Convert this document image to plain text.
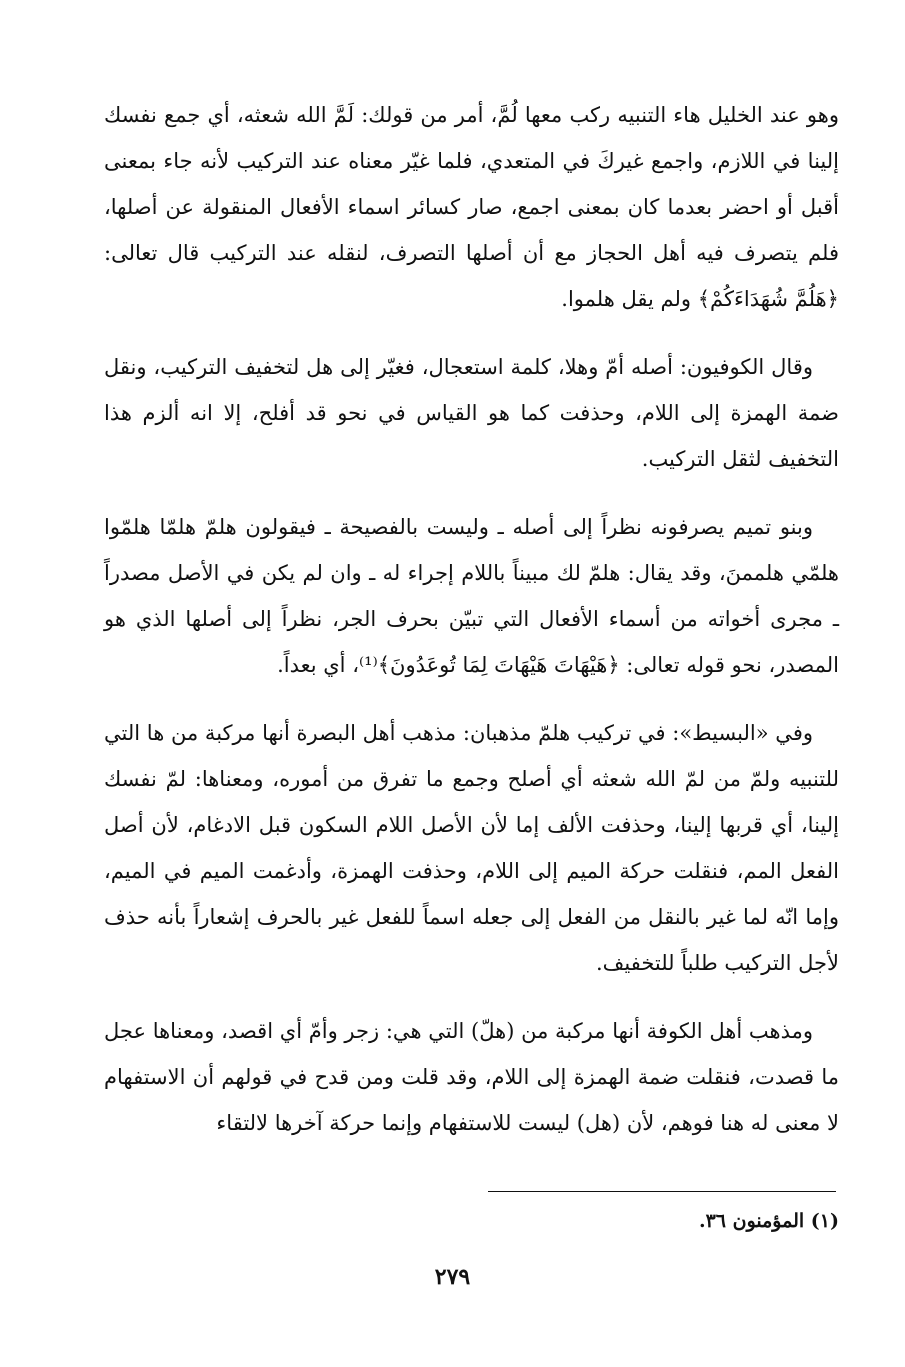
وهو عند الخليل هاء التنبيه ركب معها لُمَّ، أمر من قولك: لَمَّ الله شعثه، أي جمع نفسك إلينا في اللازم، واجمع غيركَ في المتعدي، فلما غيّر معناه عند التركيب لأنه جاء بمعنى أقبل أو احضر بعدما كان بمعنى اجمع، صار كسائر اسماء الأفعال المنقولة عن أصلها، فلم يتصرف فيه أهل الحجاز مع أن أصلها التصرف، لنقله عند التركيب قال تعالى: ﴿هَلُمَّ شُهَدَاءَكُمْ﴾ ولم يقل هلموا.

وقال الكوفيون: أصله أمّ وهلا، كلمة استعجال، فغيّر إلى هل لتخفيف التركيب، ونقل ضمة الهمزة إلى اللام، وحذفت كما هو القياس في نحو قد أفلح، إلا انه ألزم هذا التخفيف لثقل التركيب.

وبنو تميم يصرفونه نظراً إلى أصله ـ وليست بالفصيحة ـ فيقولون هلمّ هلمّا هلمّوا هلمّي هلممنَ، وقد يقال: هلمّ لك مبيناً باللام إجراء له ـ وان لم يكن في الأصل مصدراً ـ مجرى أخواته من أسماء الأفعال التي تبيّن بحرف الجر، نظراً إلى أصلها الذي هو المصدر، نحو قوله تعالى: ﴿هَيْهَاتَ هَيْهَاتَ لِمَا تُوعَدُونَ﴾⁽¹⁾، أي بعداً.

وفي «البسيط»: في تركيب هلمّ مذهبان: مذهب أهل البصرة أنها مركبة من ها التي للتنبيه ولمّ من لمّ الله شعثه أي أصلح وجمع ما تفرق من أموره، ومعناها: لمّ نفسك إلينا، أي قربها إلينا، وحذفت الألف إما لأن الأصل اللام السكون قبل الادغام، لأن أصل الفعل المم، فنقلت حركة الميم إلى اللام، وحذفت الهمزة، وأدغمت الميم في الميم، وإما انّه لما غير بالنقل من الفعل إلى جعله اسماً للفعل غير بالحرف إشعاراً بأنه حذف لأجل التركيب طلباً للتخفيف.

ومذهب أهل الكوفة أنها مركبة من (هلّ) التي هي: زجر وأمّ أي اقصد، ومعناها عجل ما قصدت، فنقلت ضمة الهمزة إلى اللام، وقد قلت ومن قدح في قولهم أن الاستفهام لا معنى له هنا فوهم، لأن (هل) ليست للاستفهام وإنما حركة آخرها لالتقاء

(١) المؤمنون ٣٦.
٢٧٩
